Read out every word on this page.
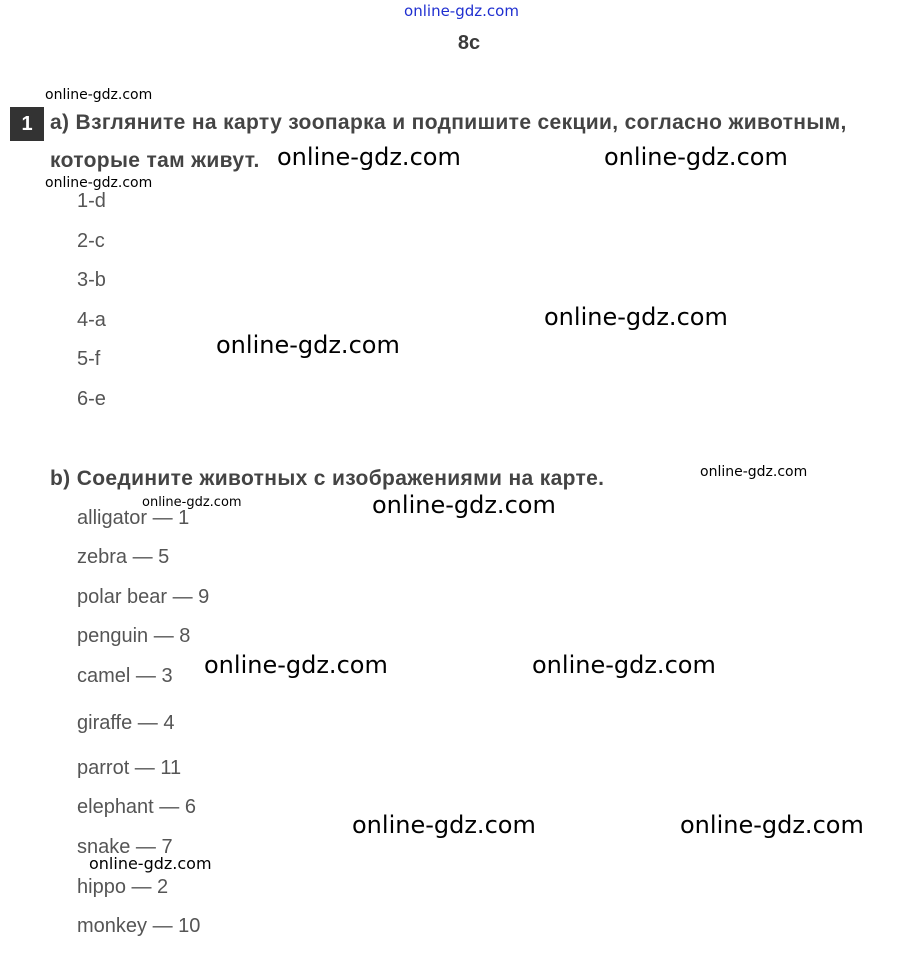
online-gdz.com
8c
1 a) Взгляните на карту зоопарка и подпишите секции, согласно животным,
которые там живут.
1-d
2-c
3-b
4-a
5-f
6-e
b) Соедините животных с изображениями на карте.
alligator — 1
zebra — 5
polar bear — 9
penguin — 8
camel — 3
giraffe — 4
parrot — 11
elephant — 6
snake — 7
hippo — 2
monkey — 10
online-gdz.com
online-gdz.com
online-gdz.com
online-gdz.com
online-gdz.com
online-gdz.com	online-gdz.com
online-gdz.com
online-gdz.com
online-gdz.com
online-gdz.com	online-gdz.com
online-gdz.com	online-gdz.com
